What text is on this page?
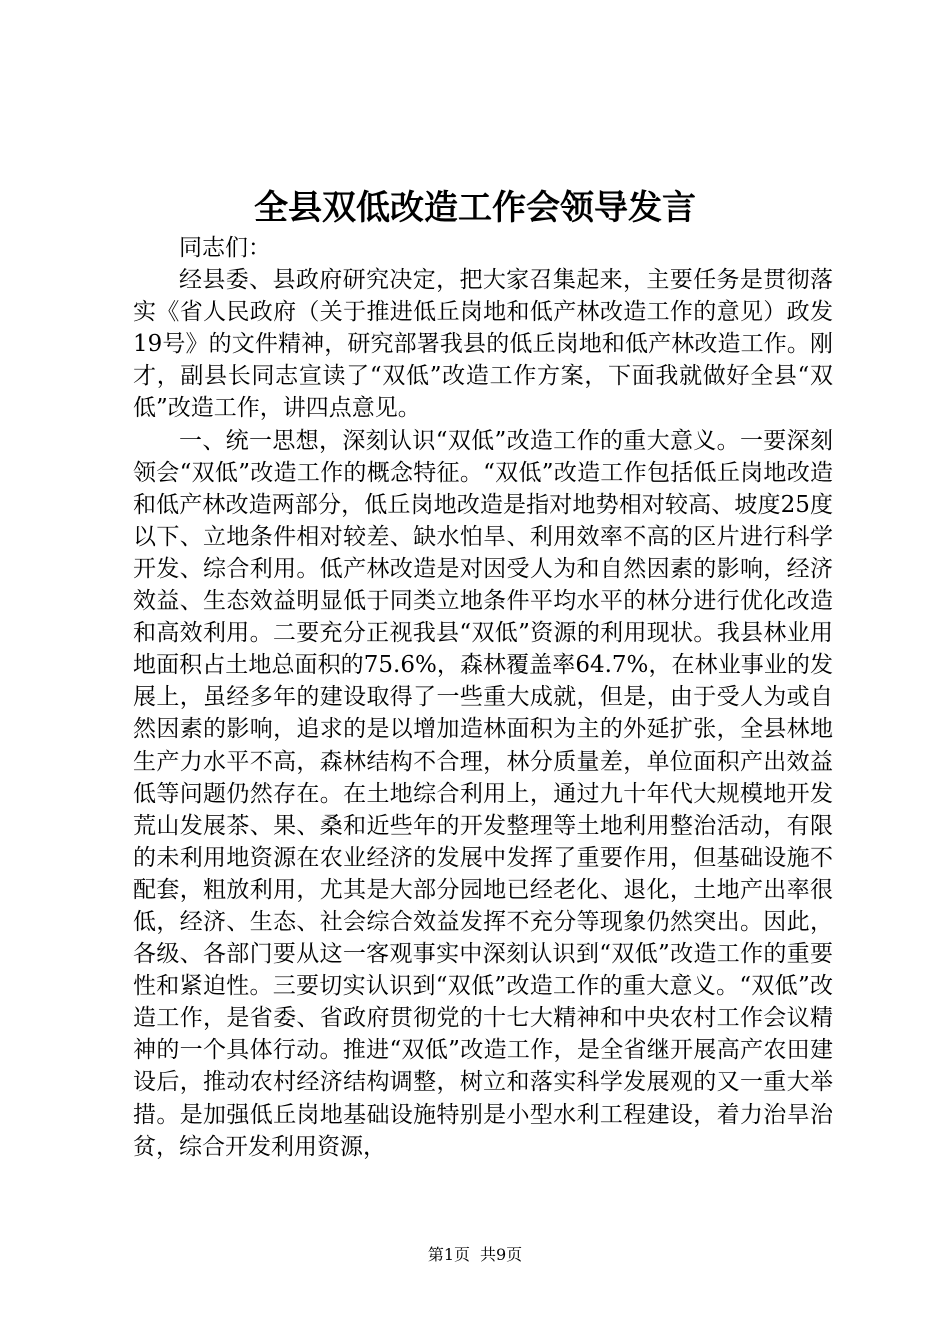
全县双低改造工作会领导发言

同志们：

经县委、县政府研究决定，把大家召集起来，主要任务是贯彻落实《省人民政府（关于推进低丘岗地和低产林改造工作的意见）政发19号》的文件精神，研究部署我县的低丘岗地和低产林改造工作。刚才，副县长同志宣读了“双低”改造工作方案，下面我就做好全县“双低”改造工作，讲四点意见。

一、统一思想，深刻认识“双低”改造工作的重大意义。一要深刻领会“双低”改造工作的概念特征。“双低”改造工作包括低丘岗地改造和低产林改造两部分，低丘岗地改造是指对地势相对较高、坡度25度以下、立地条件相对较差、缺水怕旱、利用效率不高的区片进行科学开发、综合利用。低产林改造是对因受人为和自然因素的影响，经济效益、生态效益明显低于同类立地条件平均水平的林分进行优化改造和高效利用。二要充分正视我县“双低”资源的利用现状。我县林业用地面积占土地总面积的75.6%，森林覆盖率64.7%，在林业事业的发展上，虽经多年的建设取得了一些重大成就，但是，由于受人为或自然因素的影响，追求的是以增加造林面积为主的外延扩张，全县林地生产力水平不高，森林结构不合理，林分质量差，单位面积产出效益低等问题仍然存在。在土地综合利用上，通过九十年代大规模地开发荒山发展茶、果、桑和近些年的开发整理等土地利用整治活动，有限的未利用地资源在农业经济的发展中发挥了重要作用，但基础设施不配套，粗放利用，尤其是大部分园地已经老化、退化，土地产出率很低，经济、生态、社会综合效益发挥不充分等现象仍然突出。因此，各级、各部门要从这一客观事实中深刻认识到“双低”改造工作的重要性和紧迫性。三要切实认识到“双低”改造工作的重大意义。“双低”改造工作，是省委、省政府贯彻党的十七大精神和中央农村工作会议精神的一个具体行动。推进“双低”改造工作，是全省继开展高产农田建设后，推动农村经济结构调整，树立和落实科学发展观的又一重大举措。是加强低丘岗地基础设施特别是小型水利工程建设，着力治旱治贫，综合开发利用资源，

第1页 共9页
